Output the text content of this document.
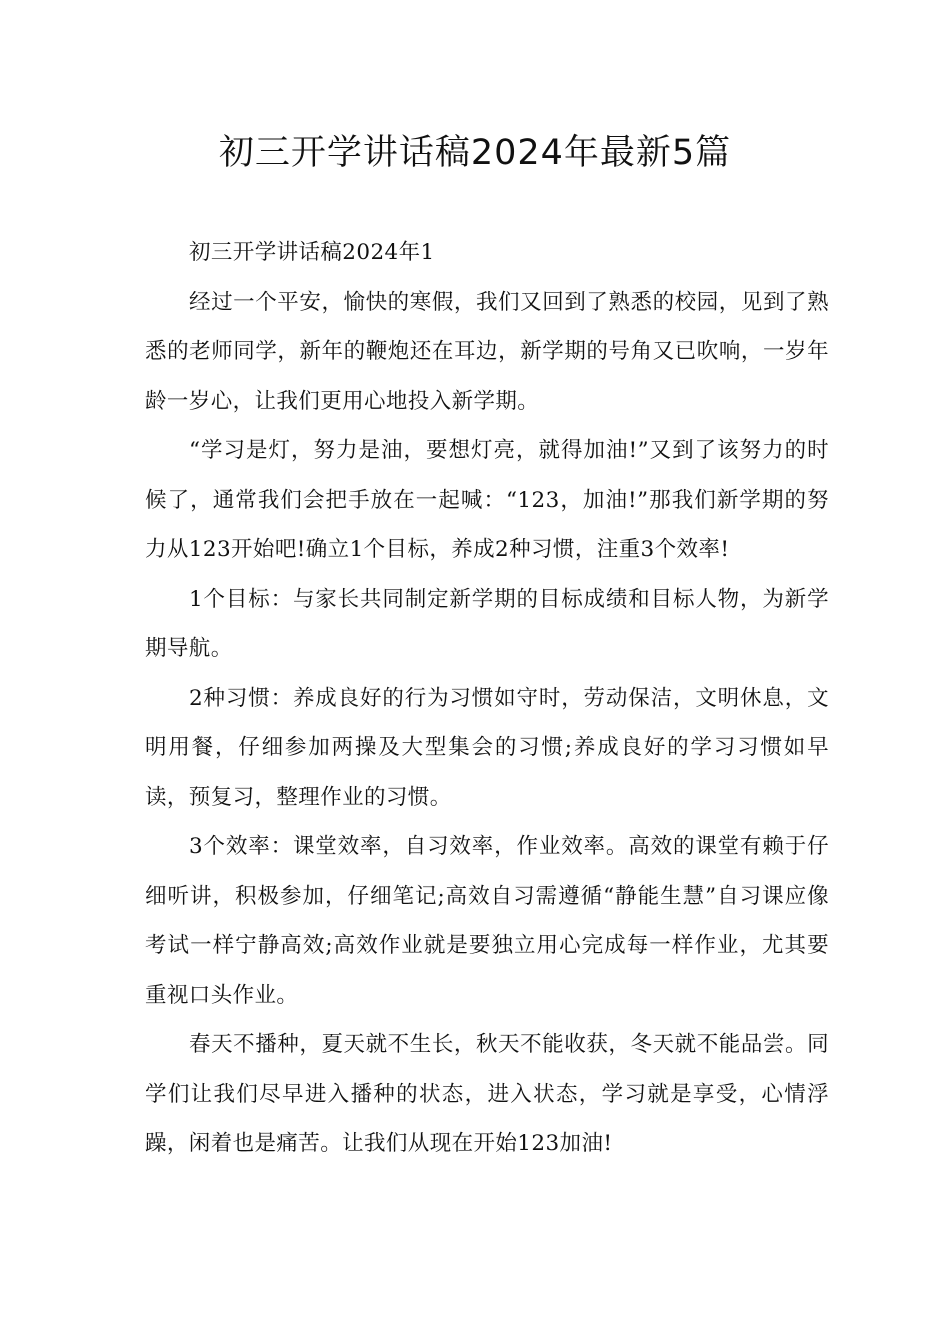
初三开学讲话稿2024年最新5篇

初三开学讲话稿2024年1

经过一个平安，愉快的寒假，我们又回到了熟悉的校园，见到了熟悉的老师同学，新年的鞭炮还在耳边，新学期的号角又已吹响，一岁年龄一岁心，让我们更用心地投入新学期。

“学习是灯，努力是油，要想灯亮，就得加油!”又到了该努力的时候了，通常我们会把手放在一起喊：“123，加油!”那我们新学期的努力从123开始吧!确立1个目标，养成2种习惯，注重3个效率!

1个目标：与家长共同制定新学期的目标成绩和目标人物，为新学期导航。

2种习惯：养成良好的行为习惯如守时，劳动保洁，文明休息，文明用餐，仔细参加两操及大型集会的习惯;养成良好的学习习惯如早读，预复习，整理作业的习惯。

3个效率：课堂效率，自习效率，作业效率。高效的课堂有赖于仔细听讲，积极参加，仔细笔记;高效自习需遵循“静能生慧”自习课应像考试一样宁静高效;高效作业就是要独立用心完成每一样作业，尤其要重视口头作业。

春天不播种，夏天就不生长，秋天不能收获，冬天就不能品尝。同学们让我们尽早进入播种的状态，进入状态，学习就是享受，心情浮躁，闲着也是痛苦。让我们从现在开始123加油!
